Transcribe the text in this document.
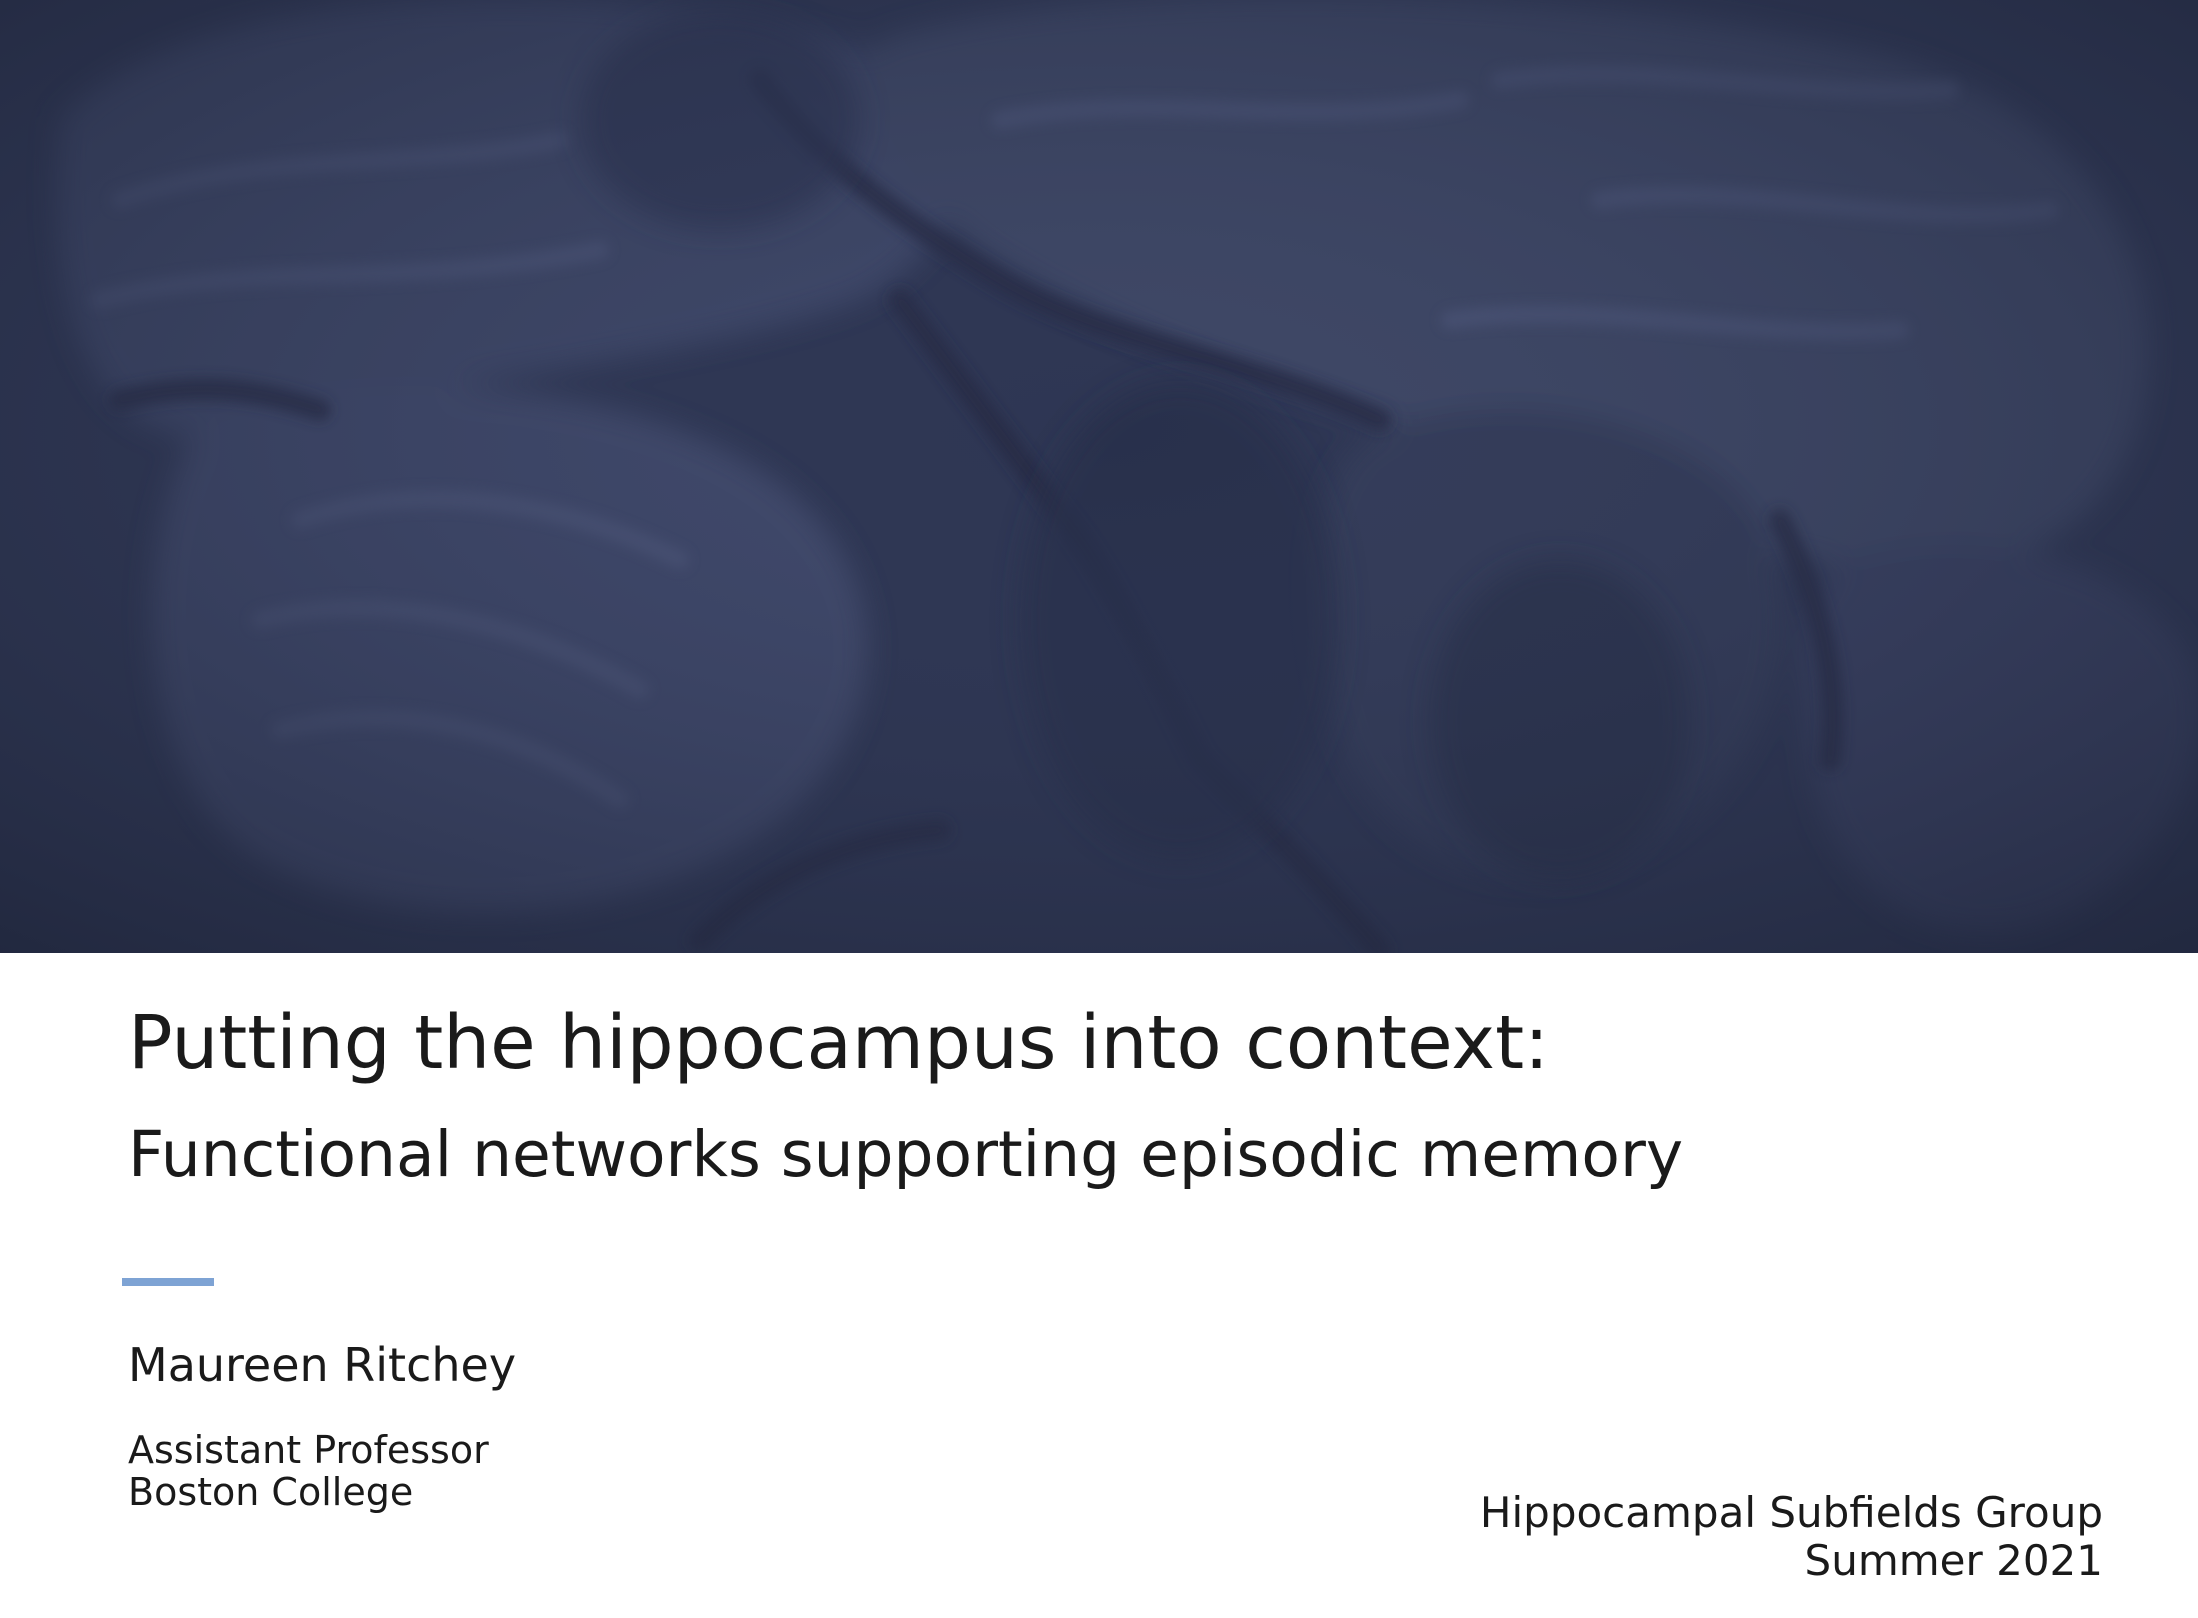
Putting the hippocampus into context:
Functional networks supporting episodic memory
Maureen Ritchey
Assistant Professor
Boston College	Hippocampal Subfields Group
Summer 2021
